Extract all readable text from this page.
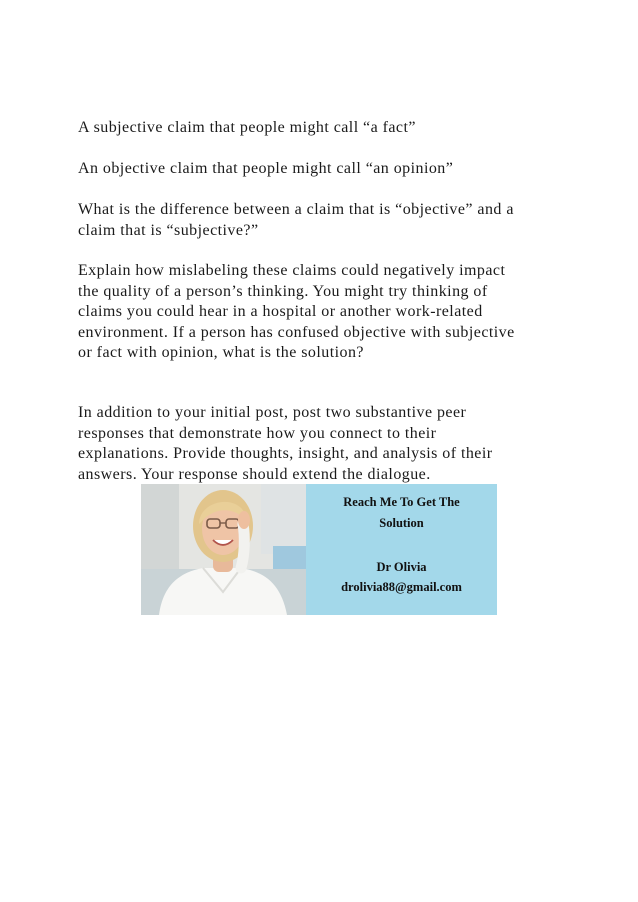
A subjective claim that people might call “a fact”

An objective claim that people might call “an opinion”

What is the difference between a claim that is “objective” and a
claim that is “subjective?”

Explain how mislabeling these claims could negatively impact
the quality of a person’s thinking. You might try thinking of
claims you could hear in a hospital or another work-related
environment. If a person has confused objective with subjective
or fact with opinion, what is the solution?

In addition to your initial post, post two substantive peer
responses that demonstrate how you connect to their
explanations. Provide thoughts, insight, and analysis of their
answers. Your response should extend the dialogue.

Reach Me To Get The
Solution
Dr Olivia
drolivia88@gmail.com
